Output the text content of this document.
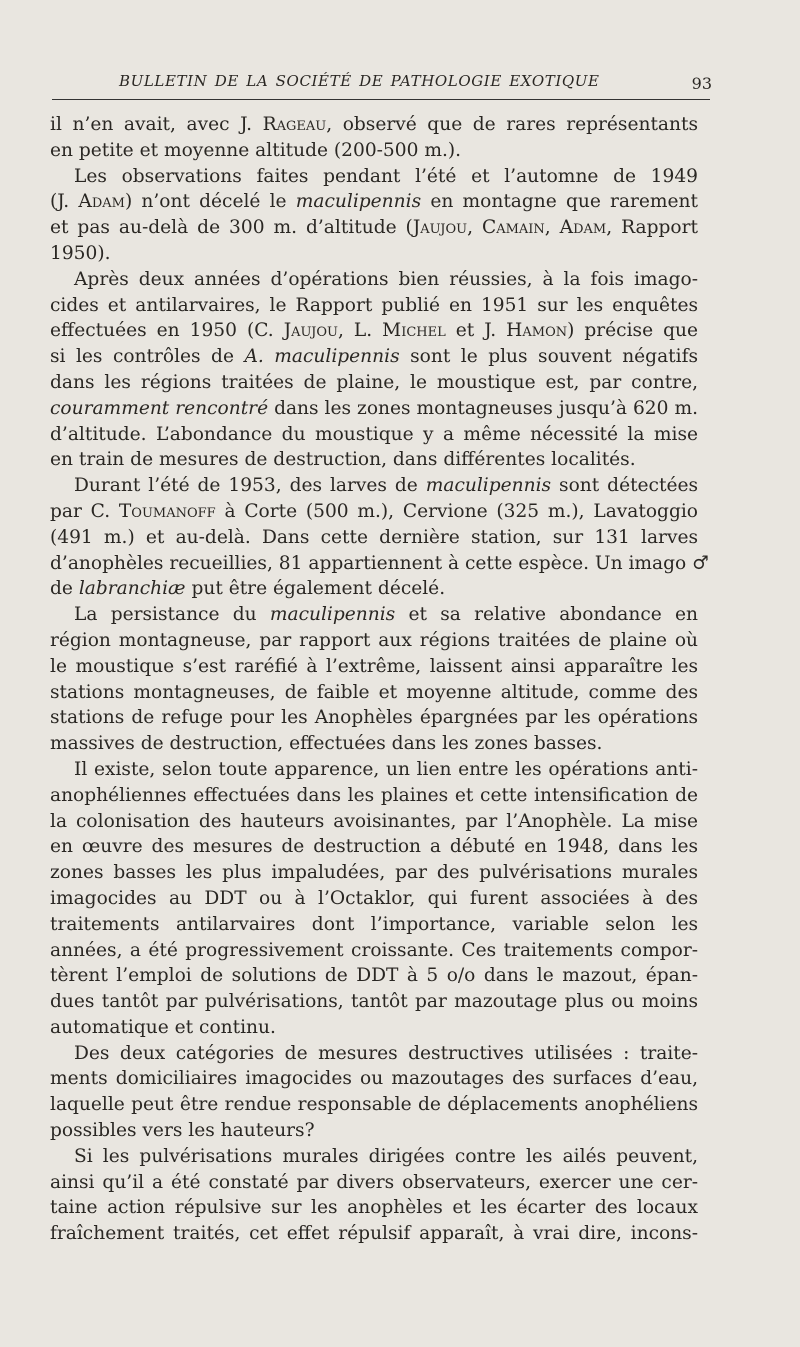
BULLETIN DE LA SOCIÉTÉ DE PATHOLOGIE EXOTIQUE	93
il n’en avait, avec J. Rageau, observé que de rares représentants
en petite et moyenne altitude (200-500 m.).
Les observations faites pendant l’été et l’automne de 1949
(J. Adam) n’ont décelé le maculipennis en montagne que rarement
et pas au-delà de 300 m. d’altitude (Jaujou, Camain, Adam, Rapport
1950).
Après deux années d’opérations bien réussies, à la fois imago-
cides et antilarvaires, le Rapport publié en 1951 sur les enquêtes
effectuées en 1950 (C. Jaujou, L. Michel et J. Hamon) précise que
si les contrôles de A. maculipennis sont le plus souvent négatifs
dans les régions traitées de plaine, le moustique est, par contre,
couramment rencontré dans les zones montagneuses jusqu’à 620 m.
d’altitude. L’abondance du moustique y a même nécessité la mise
en train de mesures de destruction, dans différentes localités.
Durant l’été de 1953, des larves de maculipennis sont détectées
par C. Toumanoff à Corte (500 m.), Cervione (325 m.), Lavatoggio
(491 m.) et au-delà. Dans cette dernière station, sur 131 larves
d’anophèles recueillies, 81 appartiennent à cette espèce. Un imago ♂
de labranchiæ put être également décelé.
La persistance du maculipennis et sa relative abondance en
région montagneuse, par rapport aux régions traitées de plaine où
le moustique s’est raréfié à l’extrême, laissent ainsi apparaître les
stations montagneuses, de faible et moyenne altitude, comme des
stations de refuge pour les Anophèles épargnées par les opérations
massives de destruction, effectuées dans les zones basses.
Il existe, selon toute apparence, un lien entre les opérations anti-
anophéliennes effectuées dans les plaines et cette intensification de
la colonisation des hauteurs avoisinantes, par l’Anophèle. La mise
en œuvre des mesures de destruction a débuté en 1948, dans les
zones basses les plus impaludées, par des pulvérisations murales
imagocides au DDT ou à l’Octaklor, qui furent associées à des
traitements antilarvaires dont l’importance, variable selon les
années, a été progressivement croissante. Ces traitements compor-
tèrent l’emploi de solutions de DDT à 5 o/o dans le mazout, épan-
dues tantôt par pulvérisations, tantôt par mazoutage plus ou moins
automatique et continu.
Des deux catégories de mesures destructives utilisées : traite-
ments domiciliaires imagocides ou mazoutages des surfaces d’eau,
laquelle peut être rendue responsable de déplacements anophéliens
possibles vers les hauteurs?
Si les pulvérisations murales dirigées contre les ailés peuvent,
ainsi qu’il a été constaté par divers observateurs, exercer une cer-
taine action répulsive sur les anophèles et les écarter des locaux
fraîchement traités, cet effet répulsif apparaît, à vrai dire, incons-
